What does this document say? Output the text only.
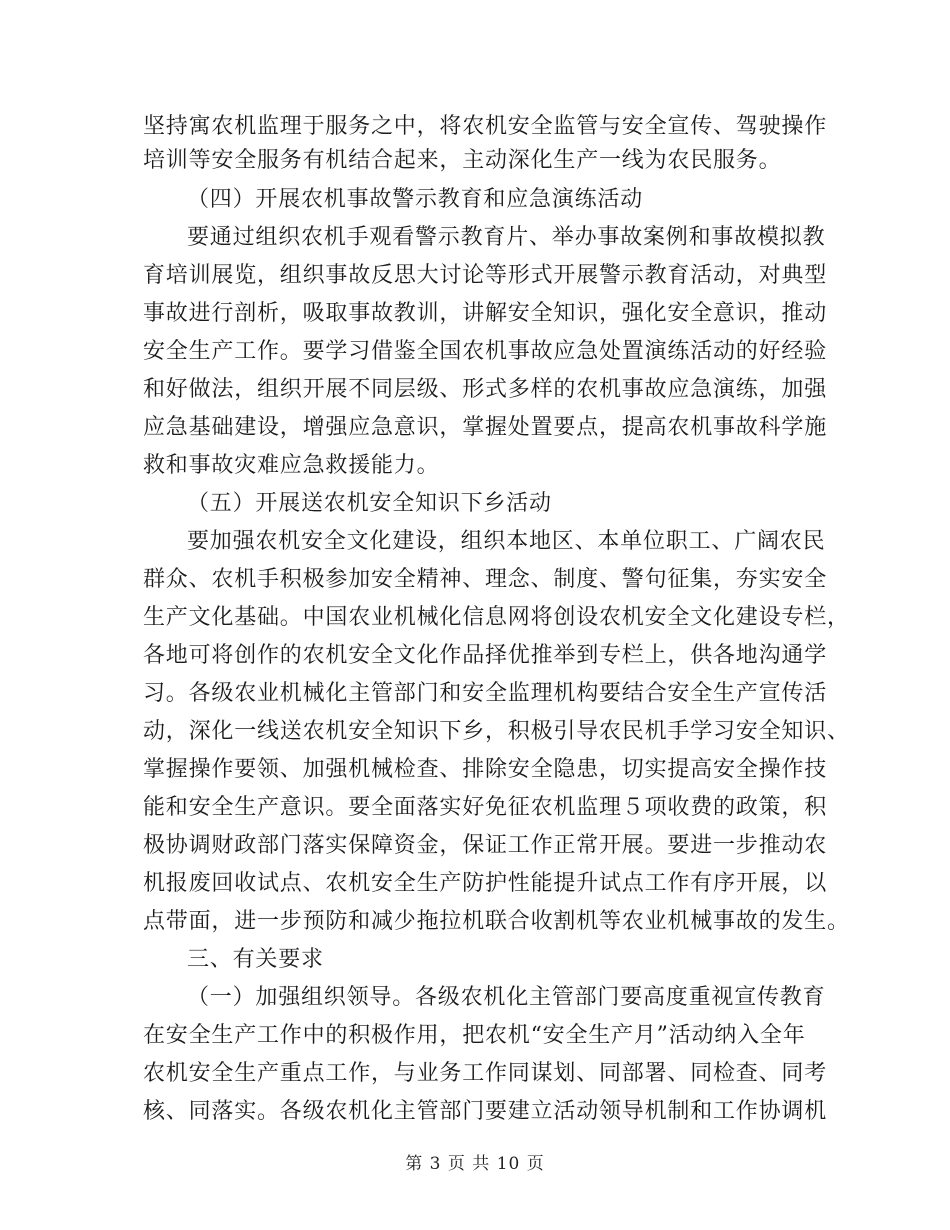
坚持寓农机监理于服务之中，将农机安全监管与安全宣传、驾驶操作
培训等安全服务有机结合起来，主动深化生产一线为农民服务。
（四）开展农机事故警示教育和应急演练活动
要通过组织农机手观看警示教育片、举办事故案例和事故模拟教
育培训展览，组织事故反思大讨论等形式开展警示教育活动，对典型
事故进行剖析，吸取事故教训，讲解安全知识，强化安全意识，推动
安全生产工作。要学习借鉴全国农机事故应急处置演练活动的好经验
和好做法，组织开展不同层级、形式多样的农机事故应急演练，加强
应急基础建设，增强应急意识，掌握处置要点，提高农机事故科学施
救和事故灾难应急救援能力。
（五）开展送农机安全知识下乡活动
要加强农机安全文化建设，组织本地区、本单位职工、广阔农民
群众、农机手积极参加安全精神、理念、制度、警句征集，夯实安全
生产文化基础。中国农业机械化信息网将创设农机安全文化建设专栏，
各地可将创作的农机安全文化作品择优推举到专栏上，供各地沟通学
习。各级农业机械化主管部门和安全监理机构要结合安全生产宣传活
动，深化一线送农机安全知识下乡，积极引导农民机手学习安全知识、
掌握操作要领、加强机械检查、排除安全隐患，切实提高安全操作技
能和安全生产意识。要全面落实好免征农机监理５项收费的政策，积
极协调财政部门落实保障资金，保证工作正常开展。要进一步推动农
机报废回收试点、农机安全生产防护性能提升试点工作有序开展，以
点带面，进一步预防和减少拖拉机联合收割机等农业机械事故的发生。
三、有关要求
（一）加强组织领导。各级农机化主管部门要高度重视宣传教育
在安全生产工作中的积极作用，把农机“安全生产月”活动纳入全年
农机安全生产重点工作，与业务工作同谋划、同部署、同检查、同考
核、同落实。各级农机化主管部门要建立活动领导机制和工作协调机
第 3 页 共 10 页
